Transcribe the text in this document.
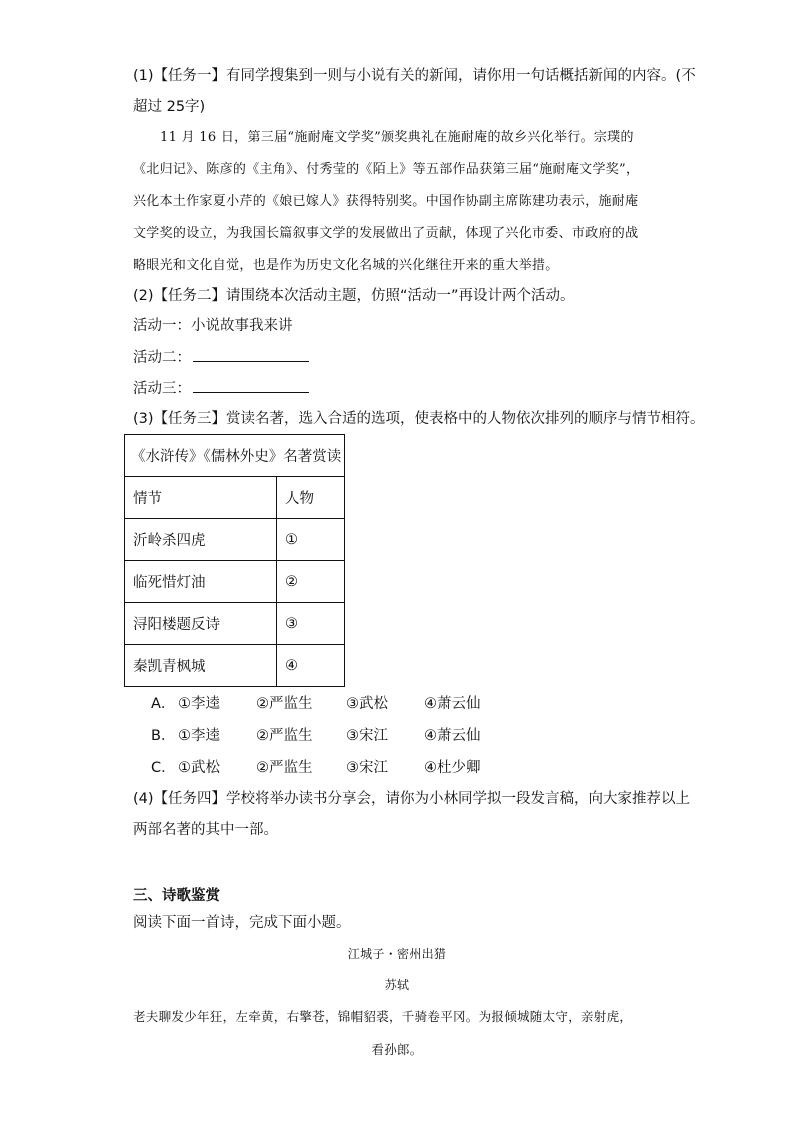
(1)【任务一】有同学搜集到一则与小说有关的新闻，请你用一句话概括新闻的内容。(不
超过 25字)
11 月 16 日，第三届“施耐庵文学奖”颁奖典礼在施耐庵的故乡兴化举行。宗璞的
《北归记》、陈彦的《主角》、付秀莹的《陌上》等五部作品获第三届“施耐庵文学奖”，
兴化本土作家夏小芹的《娘已嫁人》获得特别奖。中国作协副主席陈建功表示，施耐庵
文学奖的设立，为我国长篇叙事文学的发展做出了贡献，体现了兴化市委、市政府的战
略眼光和文化自觉，也是作为历史文化名城的兴化继往开来的重大举措。
(2)【任务二】请围绕本次活动主题，仿照“活动一”再设计两个活动。
活动一：小说故事我来讲
活动二：
活动三：
(3)【任务三】赏读名著，选入合适的选项，使表格中的人物依次排列的顺序与情节相符。
《水浒传》《儒林外史》名著赏读	
情节	人物
沂岭杀四虎	①
临死惜灯油	②
浔阳楼题反诗	③
秦凯青枫城	④
A． ①李逵 ②严监生 ③武松 ④萧云仙
B． ①李逵 ②严监生 ③宋江 ④萧云仙
C． ①武松 ②严监生 ③宋江 ④杜少卿
(4)【任务四】学校将举办读书分享会，请你为小林同学拟一段发言稿，向大家推荐以上
两部名著的其中一部。
三、诗歌鉴赏
阅读下面一首诗，完成下面小题。
江城子・密州出猎
苏轼
老夫聊发少年狂，左牵黄，右擎苍，锦帽貂裘，千骑卷平冈。为报倾城随太守，亲射虎，
看孙郎。
